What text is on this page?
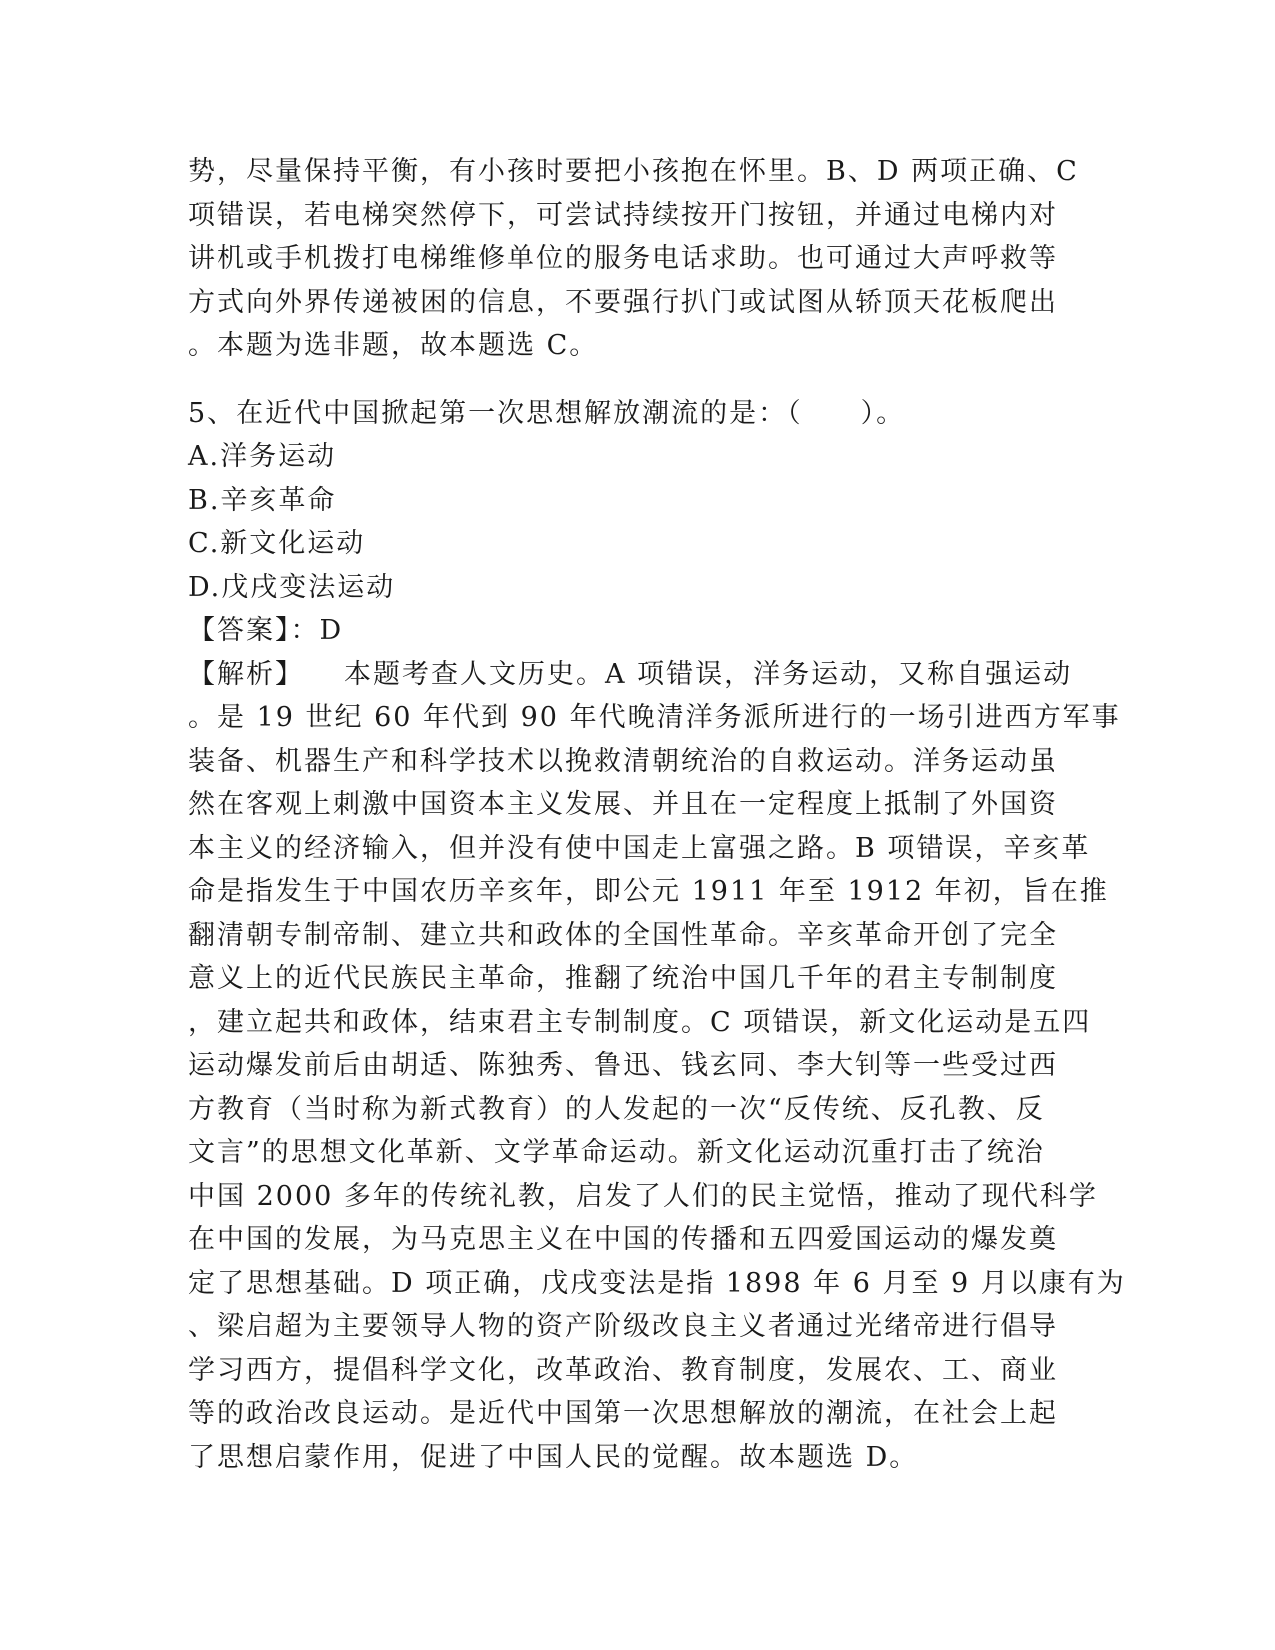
势，尽量保持平衡，有小孩时要把小孩抱在怀里。B、D 两项正确、C
项错误，若电梯突然停下，可尝试持续按开门按钮，并通过电梯内对
讲机或手机拨打电梯维修单位的服务电话求助。也可通过大声呼救等
方式向外界传递被困的信息，不要强行扒门或试图从轿顶天花板爬出
。本题为选非题，故本题选 C。
5、在近代中国掀起第一次思想解放潮流的是：（　　）。
A.洋务运动
B.辛亥革命
C.新文化运动
D.戊戌变法运动
【答案】：D
【解析】 本题考查人文历史。A 项错误，洋务运动，又称自强运动
。是 19 世纪 60 年代到 90 年代晚清洋务派所进行的一场引进西方军事
装备、机器生产和科学技术以挽救清朝统治的自救运动。洋务运动虽
然在客观上刺激中国资本主义发展、并且在一定程度上抵制了外国资
本主义的经济输入，但并没有使中国走上富强之路。B 项错误，辛亥革
命是指发生于中国农历辛亥年，即公元 1911 年至 1912 年初，旨在推
翻清朝专制帝制、建立共和政体的全国性革命。辛亥革命开创了完全
意义上的近代民族民主革命，推翻了统治中国几千年的君主专制制度
，建立起共和政体，结束君主专制制度。C 项错误，新文化运动是五四
运动爆发前后由胡适、陈独秀、鲁迅、钱玄同、李大钊等一些受过西
方教育（当时称为新式教育）的人发起的一次“反传统、反孔教、反
文言”的思想文化革新、文学革命运动。新文化运动沉重打击了统治
中国 2000 多年的传统礼教，启发了人们的民主觉悟，推动了现代科学
在中国的发展，为马克思主义在中国的传播和五四爱国运动的爆发奠
定了思想基础。D 项正确，戊戌变法是指 1898 年 6 月至 9 月以康有为
、梁启超为主要领导人物的资产阶级改良主义者通过光绪帝进行倡导
学习西方，提倡科学文化，改革政治、教育制度，发展农、工、商业
等的政治改良运动。是近代中国第一次思想解放的潮流，在社会上起
了思想启蒙作用，促进了中国人民的觉醒。故本题选 D。
